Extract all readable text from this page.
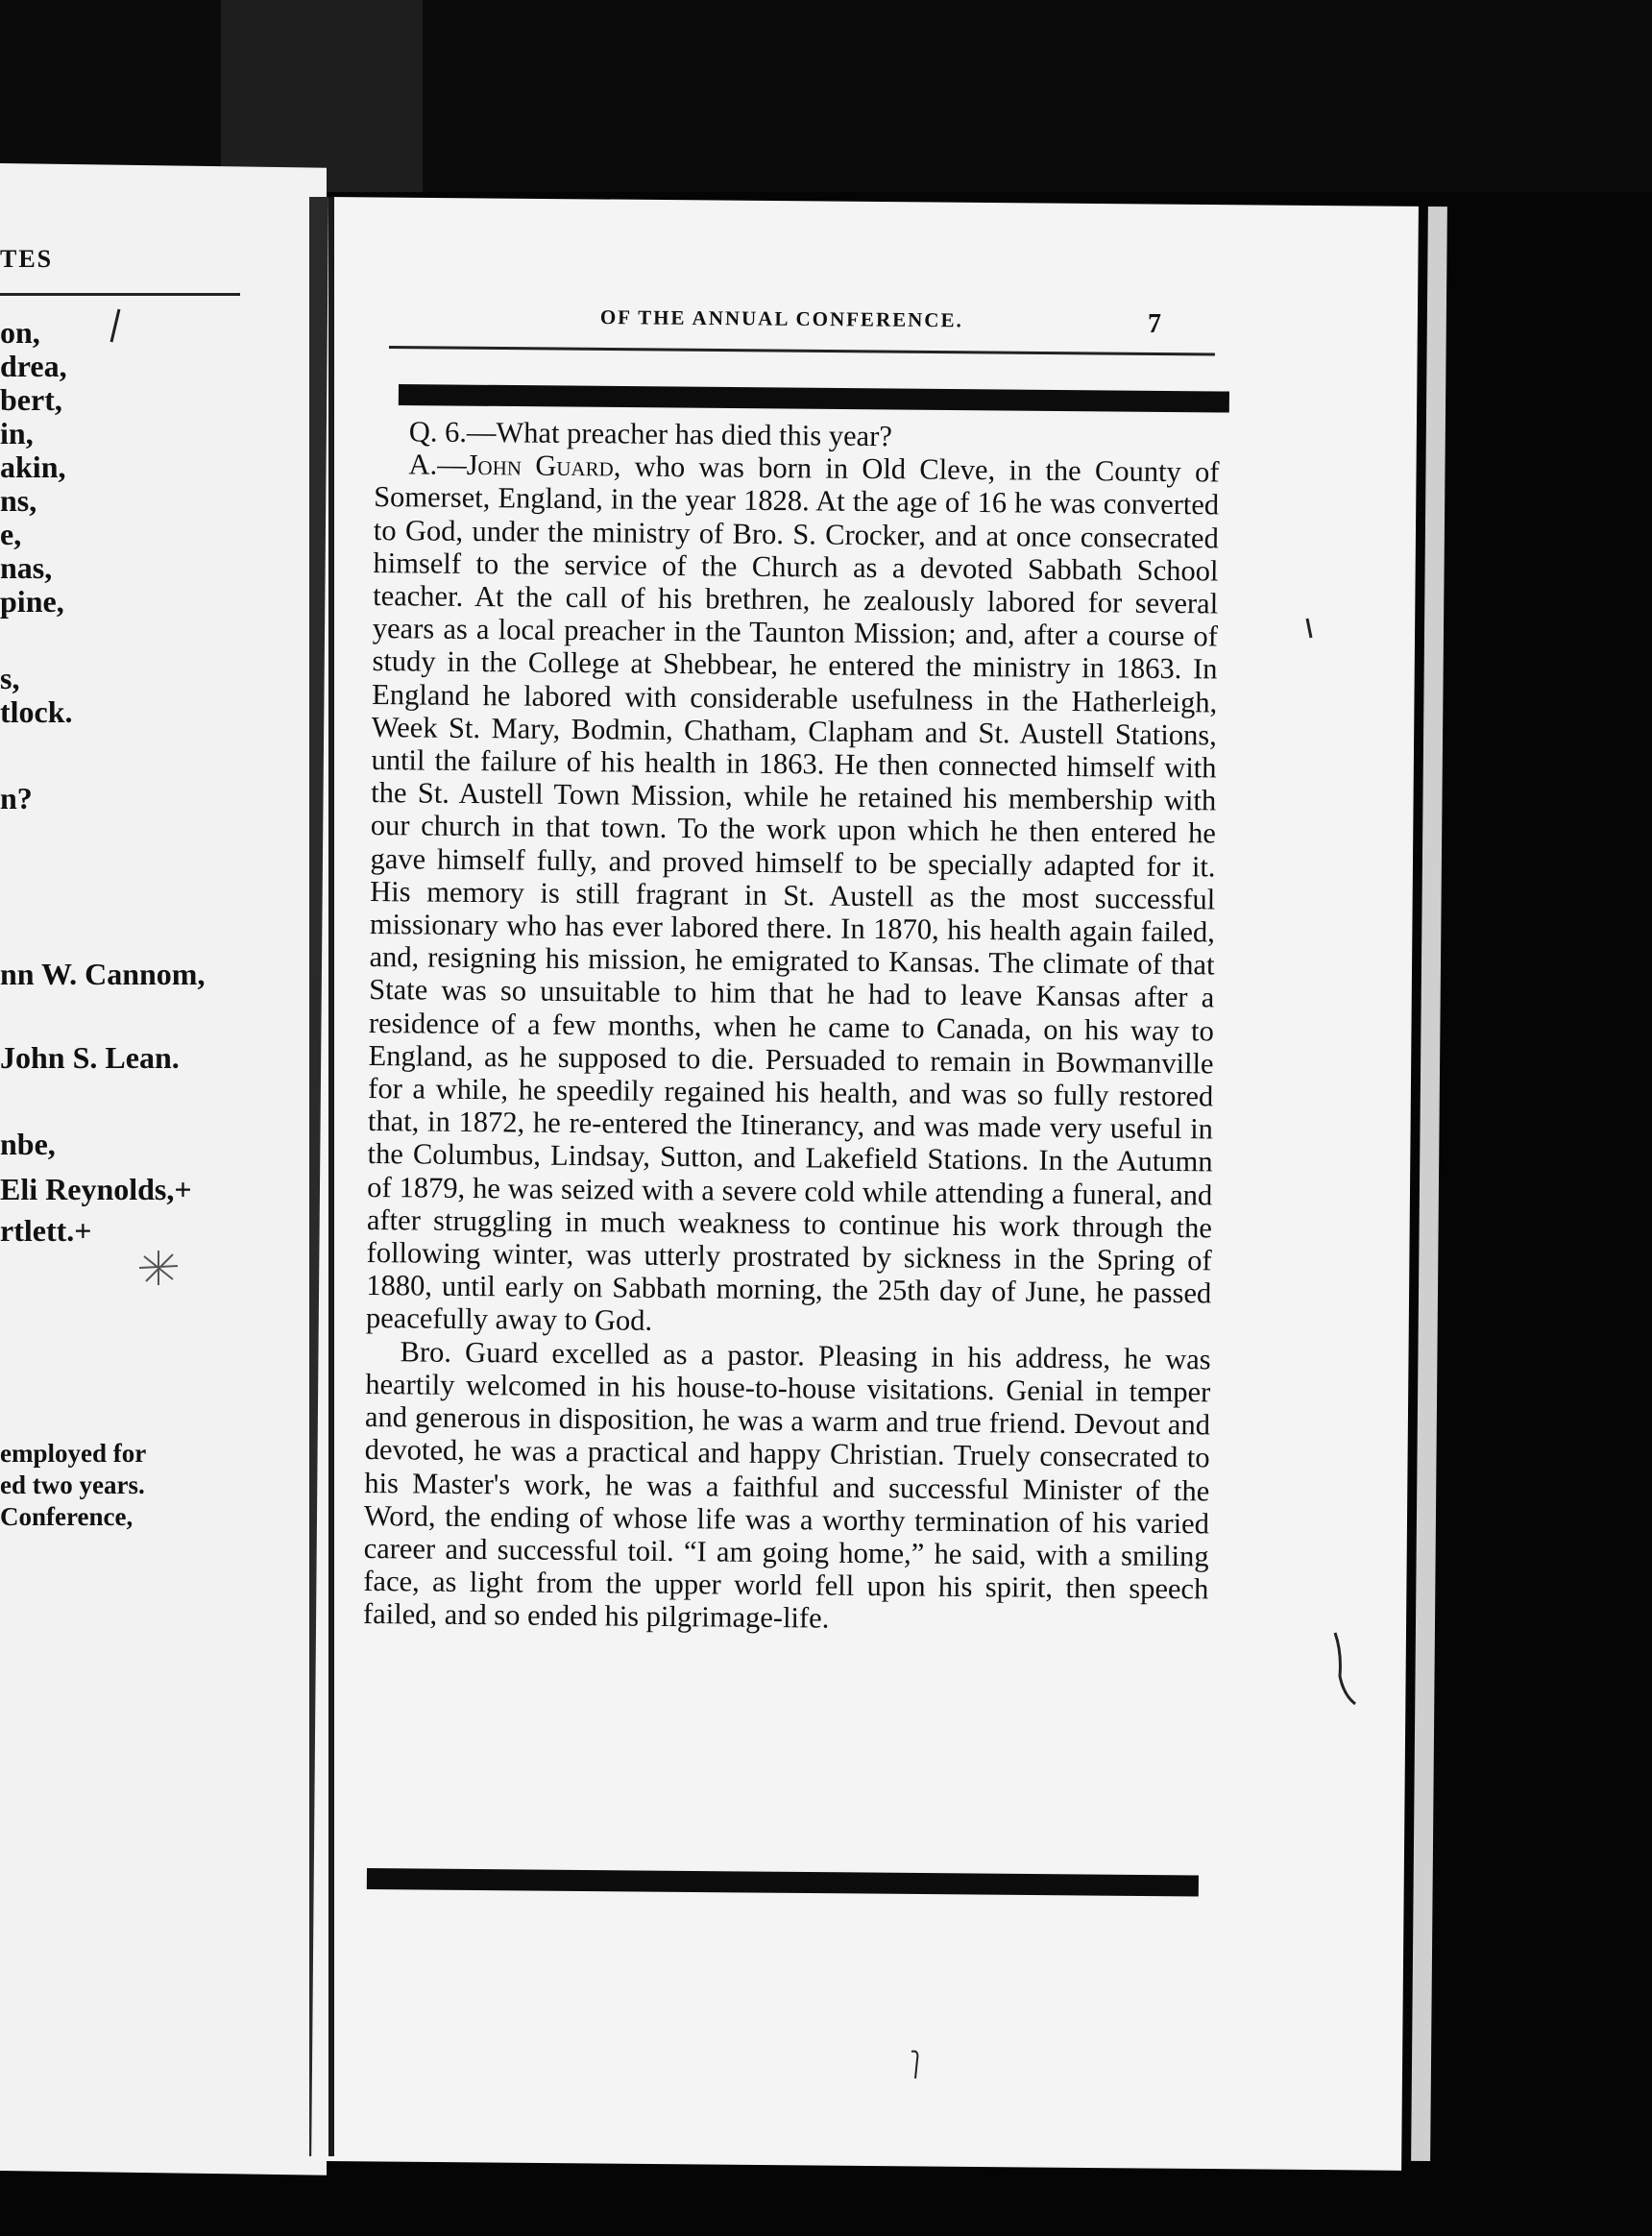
TES
on,
drea,
bert,
in,
akin,
ns,
e,
nas,
pine,
s,
tlock.
n?
nn W. Cannom,
John S. Lean.
nbe,
Eli Reynolds,+
rtlett.+
employed for
ed two years.
Conference,
OF THE ANNUAL CONFERENCE.	7

Q. 6.—What preacher has died this year?

A.—John Guard, who was born in Old Cleve, in the County of Somerset, England, in the year 1828. At the age of 16 he was converted to God, under the ministry of Bro. S. Crocker, and at once consecrated himself to the service of the Church as a devoted Sabbath School teacher. At the call of his brethren, he zealously labored for several years as a local preacher in the Taunton Mission; and, after a course of study in the College at Shebbear, he entered the ministry in 1863. In England he labored with considerable usefulness in the Hatherleigh, Week St. Mary, Bodmin, Chatham, Clapham and St. Austell Stations, until the failure of his health in 1863. He then connected himself with the St. Austell Town Mission, while he retained his membership with our church in that town. To the work upon which he then entered he gave himself fully, and proved himself to be specially adapted for it. His memory is still fragrant in St. Austell as the most successful missionary who has ever labored there. In 1870, his health again failed, and, resigning his mission, he emigrated to Kansas. The climate of that State was so unsuitable to him that he had to leave Kansas after a residence of a few months, when he came to Canada, on his way to England, as he supposed to die. Persuaded to remain in Bowmanville for a while, he speedily regained his health, and was so fully restored that, in 1872, he re-entered the Itinerancy, and was made very useful in the Columbus, Lindsay, Sutton, and Lakefield Stations. In the Autumn of 1879, he was seized with a severe cold while attending a funeral, and after struggling in much weakness to continue his work through the following winter, was utterly prostrated by sickness in the Spring of 1880, until early on Sabbath morning, the 25th day of June, he passed peacefully away to God.

Bro. Guard excelled as a pastor. Pleasing in his address, he was heartily welcomed in his house-to-house visitations. Genial in temper and generous in disposition, he was a warm and true friend. Devout and devoted, he was a practical and happy Christian. Truely consecrated to his Master's work, he was a faithful and successful Minister of the Word, the ending of whose life was a worthy termination of his varied career and successful toil. “I am going home,” he said, with a smiling face, as light from the upper world fell upon his spirit, then speech failed, and so ended his pilgrimage-life.
